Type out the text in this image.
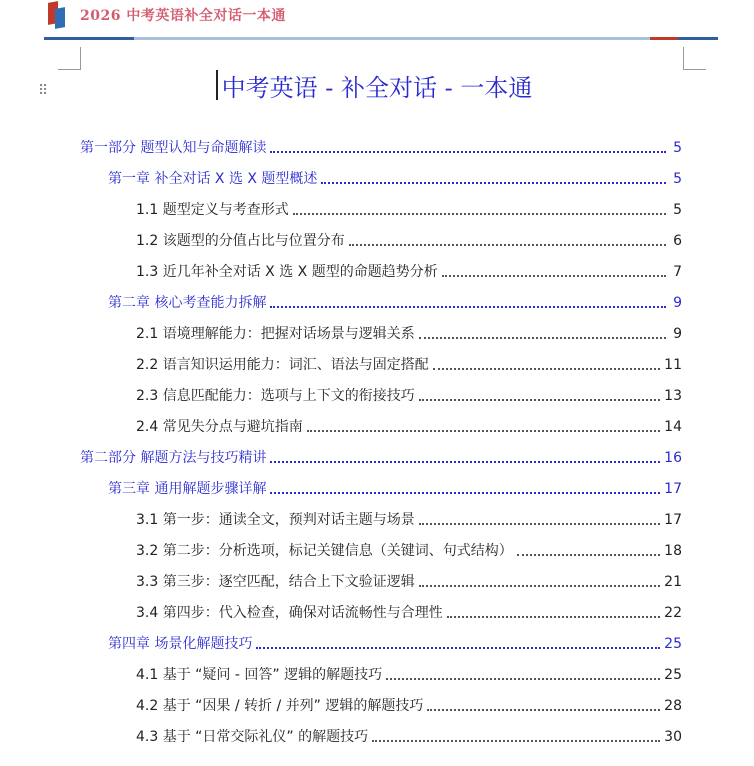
2026 中考英语补全对话一本通
⠿	中考英语 - 补全对话 - 一本通
第一部分 题型认知与命题解读	5
第一章 补全对话 X 选 X 题型概述	5
1.1 题型定义与考查形式	5
1.2 该题型的分值占比与位置分布	6
1.3 近几年补全对话 X 选 X 题型的命题趋势分析	7
第二章 核心考查能力拆解	9
2.1 语境理解能力：把握对话场景与逻辑关系	9
2.2 语言知识运用能力：词汇、语法与固定搭配	11
2.3 信息匹配能力：选项与上下文的衔接技巧	13
2.4 常见失分点与避坑指南	14
第二部分 解题方法与技巧精讲	16
第三章 通用解题步骤详解	17
3.1 第一步：通读全文，预判对话主题与场景	17
3.2 第二步：分析选项，标记关键信息（关键词、句式结构）	18
3.3 第三步：逐空匹配，结合上下文验证逻辑	21
3.4 第四步：代入检查，确保对话流畅性与合理性	22
第四章 场景化解题技巧	25
4.1 基于 “疑问 - 回答” 逻辑的解题技巧	25
4.2 基于 “因果 / 转折 / 并列” 逻辑的解题技巧	28
4.3 基于 “日常交际礼仪” 的解题技巧	30
